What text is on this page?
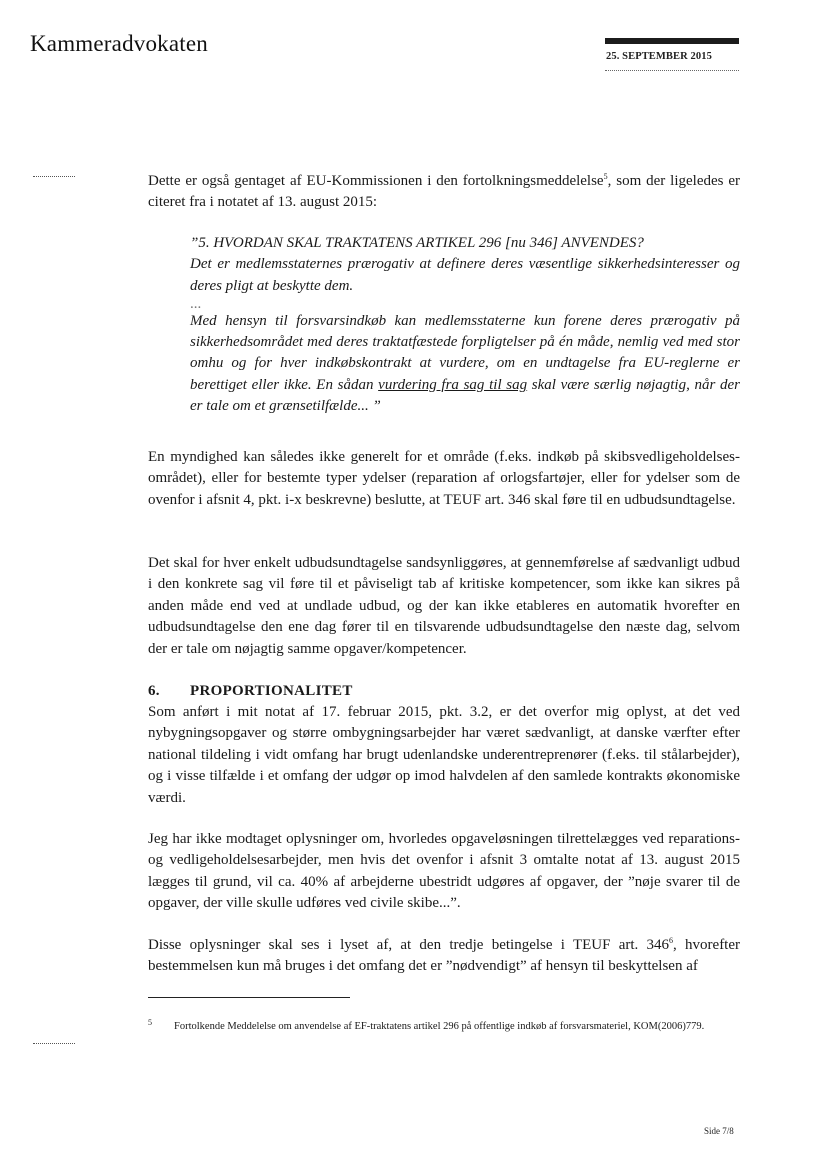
Kammeradvokaten
25. SEPTEMBER 2015

Dette er også gentaget af EU-Kommissionen i den fortolkningsmeddelelse$^5$, som der ligeledes er citeret fra i notatet af 13. august 2015:

”5. HVORDAN SKAL TRAKTATENS ARTIKEL 296 [nu 346] ANVENDES?
Det er medlemsstaternes prærogativ at definere deres væsentlige sikkerhedsinteresser og deres pligt at beskytte dem.
...
Med hensyn til forsvarsindkøb kan medlemsstaterne kun forene deres prærogativ på sikkerhedsområdet med deres traktatfæstede forpligtelser på én måde, nemlig ved med stor omhu og for hver indkøbskontrakt at vurdere, om en undtagelse fra EU-reglerne er berettiget eller ikke. En sådan vurdering fra sag til sag skal være særlig nøjagtig, når der er tale om et grænsetilfælde... ”

En myndighed kan således ikke generelt for et område (f.eks. indkøb på skibsvedligeholdelses-området), eller for bestemte typer ydelser (reparation af orlogsfartøjer, eller for ydelser som de ovenfor i afsnit 4, pkt. i-x beskrevne) beslutte, at TEUF art. 346 skal føre til en udbudsundtagelse.

Det skal for hver enkelt udbudsundtagelse sandsynliggøres, at gennemførelse af sædvanligt udbud i den konkrete sag vil føre til et påviseligt tab af kritiske kompetencer, som ikke kan sikres på anden måde end ved at undlade udbud, og der kan ikke etableres en automatik hvorefter en udbudsundtagelse den ene dag fører til en tilsvarende udbudsundtagelse den næste dag, selvom der er tale om nøjagtig samme opgaver/kompetencer.

6. PROPORTIONALITET

Som anført i mit notat af 17. februar 2015, pkt. 3.2, er det overfor mig oplyst, at det ved nybygningsopgaver og større ombygningsarbejder har været sædvanligt, at danske værfter efter national tildeling i vidt omfang har brugt udenlandske underentreprenører (f.eks. til stålarbejder), og i visse tilfælde i et omfang der udgør op imod halvdelen af den samlede kontrakts økonomiske værdi.

Jeg har ikke modtaget oplysninger om, hvorledes opgaveløsningen tilrettelægges ved reparations- og vedligeholdelsesarbejder, men hvis det ovenfor i afsnit 3 omtalte notat af 13. august 2015 lægges til grund, vil ca. 40% af arbejderne ubestridt udgøres af opgaver, der ”nøje svarer til de opgaver, der ville skulle udføres ved civile skibe...”.

Disse oplysninger skal ses i lyset af, at den tredje betingelse i TEUF art. $346^6$, hvorefter bestemmelsen kun må bruges i det omfang det er ”nødvendigt” af hensyn til beskyttelsen af

5 Fortolkende Meddelelse om anvendelse af EF-traktatens artikel 296 på offentlige indkøb af forsvarsmateriel, KOM(2006)779.
Side 7/8
